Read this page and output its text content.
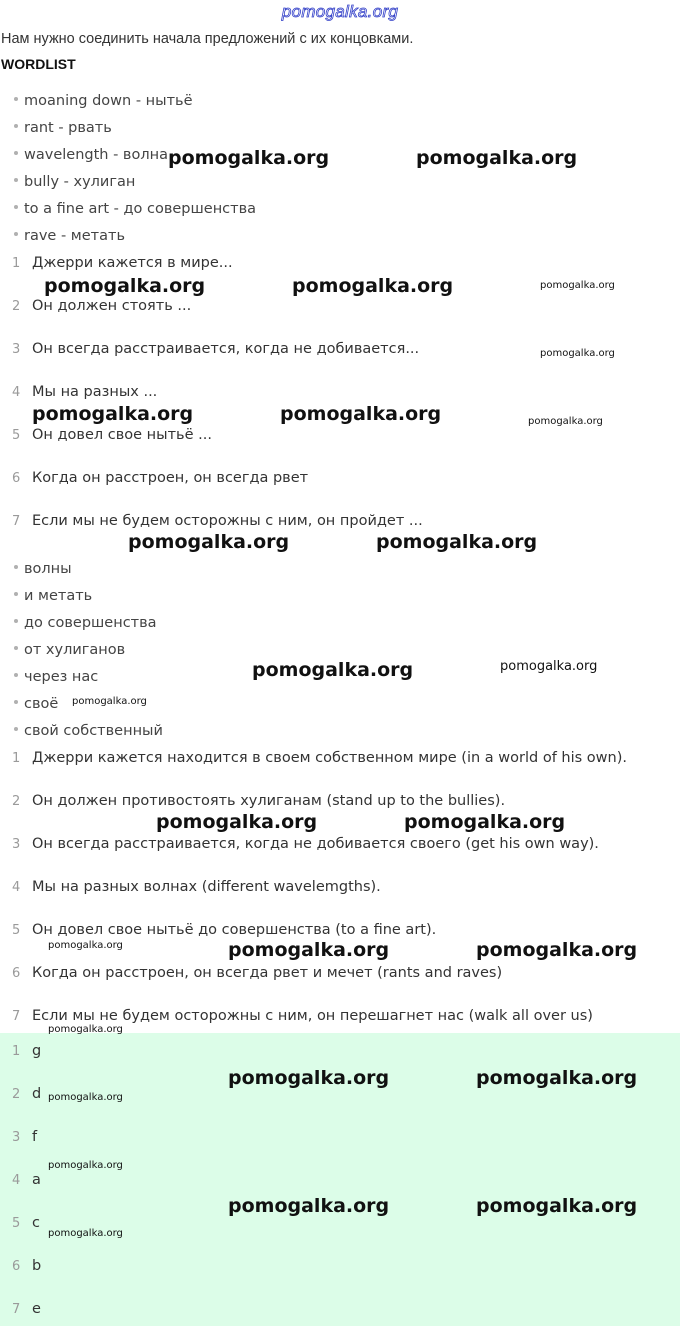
pomogalka.org
Нам нужно соединить начала предложений с их концовками.
WORDLIST
moaning down - нытьё
rant - рвать
wavelength - волна
bully - хулиган
to a fine art - до совершенства
rave - метать
1 Джерри кажется в мире...
2 Он должен стоять ...
3 Он всегда расстраивается, когда не добивается...
4 Мы на разных ...
5 Он довел свое нытьё ...
6 Когда он расстроен, он всегда рвет
7 Если мы не будем осторожны с ним, он пройдет ...
волны
и метать
до совершенства
от хулиганов
через нас
своё
свой собственный
1 Джерри кажется находится в своем собственном мире (in a world of his own).
2 Он должен противостоять хулиганам (stand up to the bullies).
3 Он всегда расстраивается, когда не добивается своего (get his own way).
4 Мы на разных волнах (different wavelemgths).
5 Он довел свое нытьё до совершенства (to a fine art).
6 Когда он расстроен, он всегда рвет и мечет (rants and raves)
7 Если мы не будем осторожны с ним, он перешагнет нас (walk all over us)
1 g
2 d
3 f
4 a
5 c
6 b
7 e
pomogalka.org	pomogalka.org
pomogalka.org	pomogalka.org	pomogalka.org
pomogalka.org
pomogalka.org	pomogalka.org	pomogalka.org
pomogalka.org	pomogalka.org
pomogalka.org	pomogalka.org
pomogalka.org
pomogalka.org	pomogalka.org
pomogalka.org	pomogalka.org	pomogalka.org
pomogalka.org
pomogalka.org	pomogalka.org
pomogalka.org
pomogalka.org
pomogalka.org	pomogalka.org
pomogalka.org
